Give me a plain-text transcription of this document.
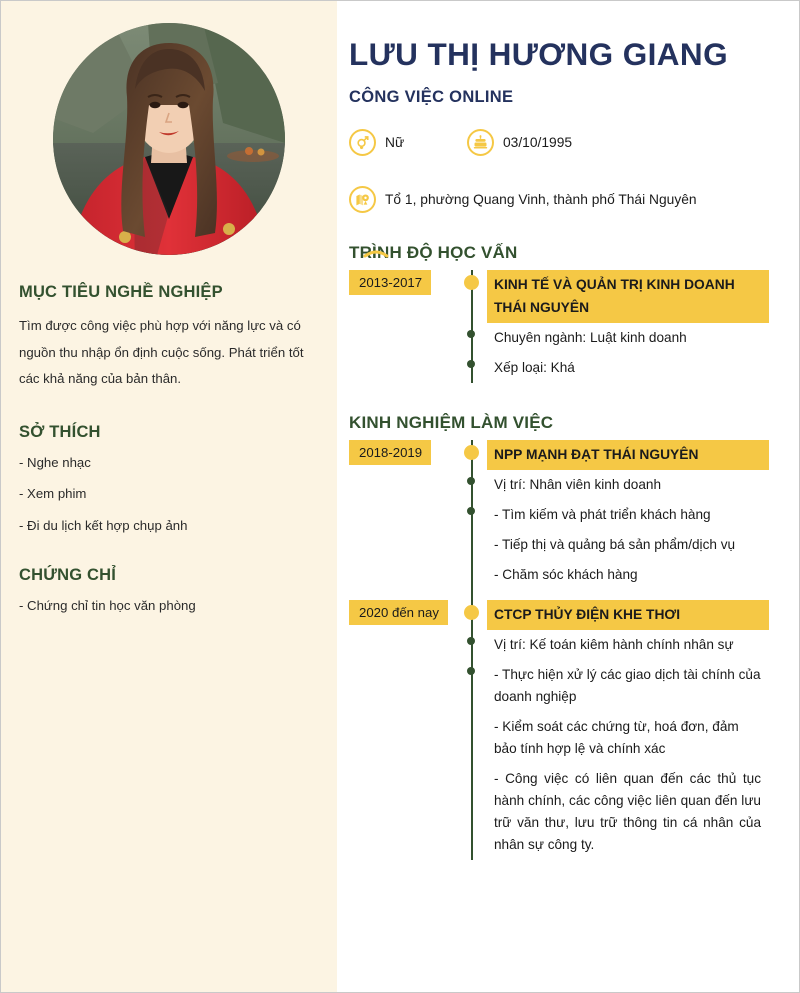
MỤC TIÊU NGHỀ NGHIỆP
Tìm được công việc phù hợp với năng lực và có nguồn thu nhập ổn định cuộc sống. Phát triển tốt các khả năng của bản thân.
SỞ THÍCH
- Nghe nhạc
- Xem phim
- Đi du lịch kết hợp chụp ảnh
CHỨNG CHỈ
- Chứng chỉ tin học văn phòng
LƯU THỊ HƯƠNG GIANG
CÔNG VIỆC ONLINE
Nữ	03/10/1995
Tổ 1, phường Quang Vinh, thành phố Thái Nguyên
TRÌNH ĐỘ HỌC VẤN
2013-2017	KINH TẾ VÀ QUẢN TRỊ KINH DOANH THÁI NGUYÊN
Chuyên ngành: Luật kinh doanh
Xếp loại: Khá
KINH NGHIỆM LÀM VIỆC
2018-2019	NPP MẠNH ĐẠT THÁI NGUYÊN
Vị trí: Nhân viên kinh doanh
- Tìm kiếm và phát triển khách hàng
- Tiếp thị và quảng bá sản phẩm/dịch vụ
- Chăm sóc khách hàng
2020 đến nay	CTCP THỦY ĐIỆN KHE THƠI
Vị trí: Kế toán kiêm hành chính nhân sự
- Thực hiện xử lý các giao dịch tài chính của doanh nghiệp
- Kiểm soát các chứng từ, hoá đơn, đảm bảo tính hợp lệ và chính xác
- Công việc có liên quan đến các thủ tục hành chính, các công việc liên quan đến lưu trữ văn thư, lưu trữ thông tin cá nhân của nhân sự công ty.
